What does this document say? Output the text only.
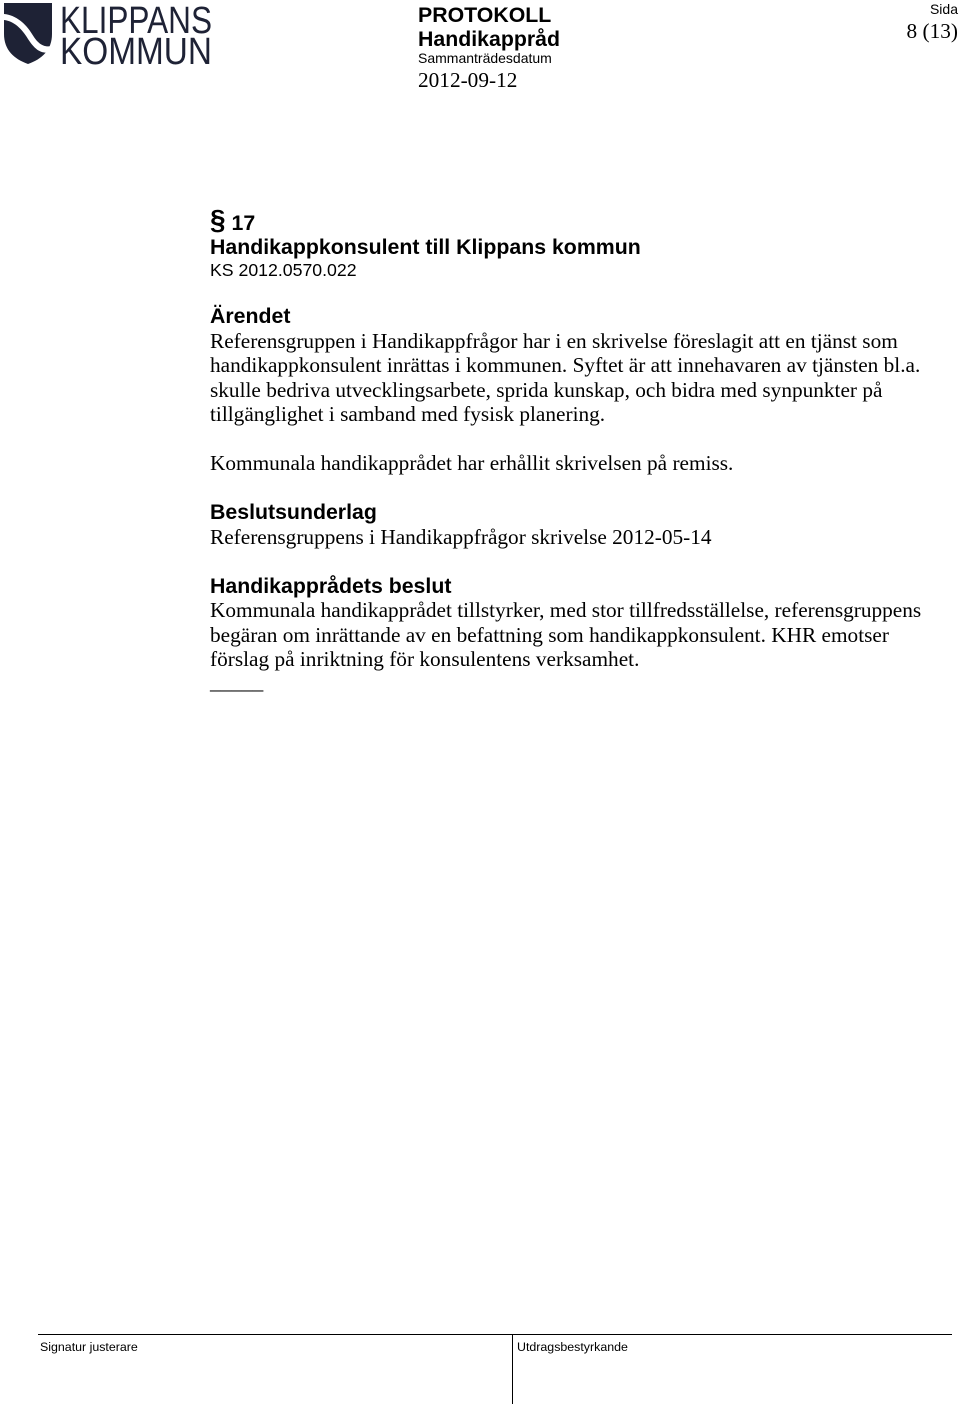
KLIPPANS
KOMMUN
PROTOKOLL
Handikappråd
Sammanträdesdatum
2012-09-12
Sida
8 (13)
§ 17
Handikappkonsulent till Klippans kommun
KS 2012.0570.022
Ärendet
Referensgruppen i Handikappfrågor har i en skrivelse föreslagit att en tjänst som
handikappkonsulent inrättas i kommunen. Syftet är att innehavaren av tjänsten bl.a.
skulle bedriva utvecklingsarbete, sprida kunskap, och bidra med synpunkter på
tillgänglighet i samband med fysisk planering.
Kommunala handikapprådet har erhållit skrivelsen på remiss.
Beslutsunderlag
Referensgruppens i Handikappfrågor skrivelse 2012-05-14
Handikapprådets beslut
Kommunala handikapprådet tillstyrker, med stor tillfredsställelse, referensgruppens
begäran om inrättande av en befattning som handikappkonsulent. KHR emotser
förslag på inriktning för konsulentens verksamhet.
_____
Signatur justerare	Utdragsbestyrkande
